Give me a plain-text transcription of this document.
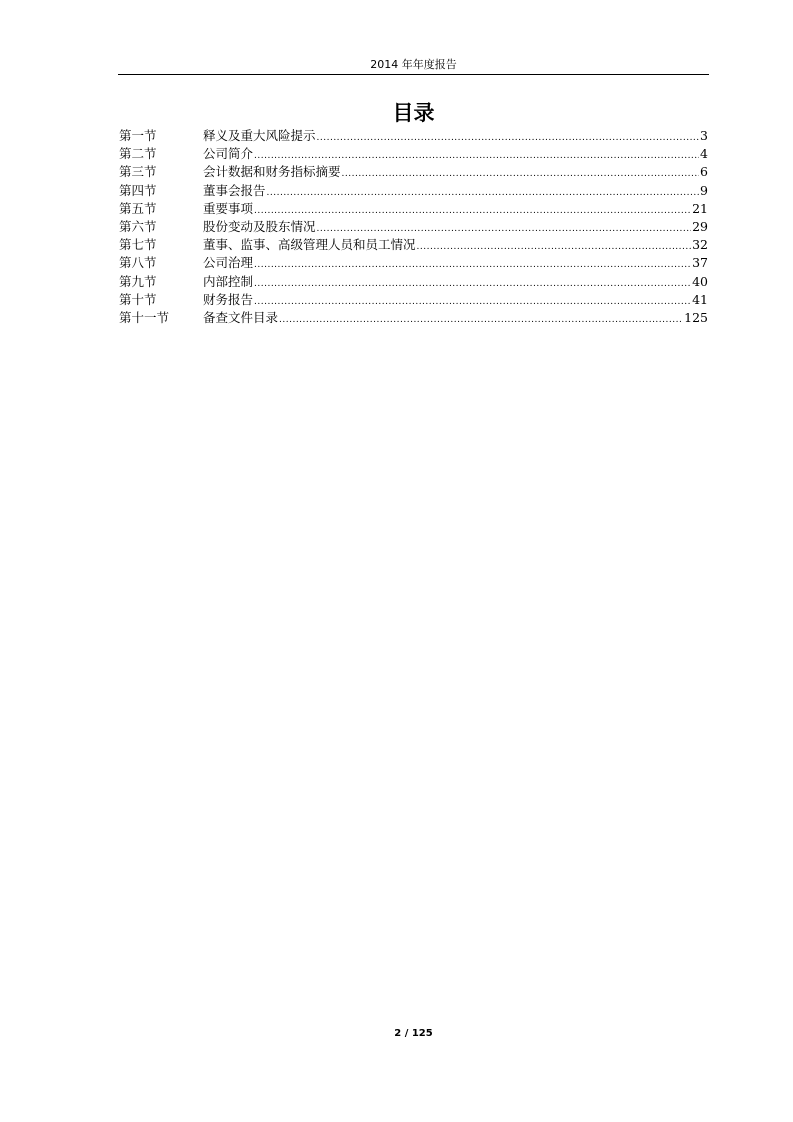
2014 年年度报告
目录
第一节	释义及重大风险提示 .....	3
第二节	公司简介 .....	4
第三节	会计数据和财务指标摘要 .....	6
第四节	董事会报告 .....	9
第五节	重要事项 .....	21
第六节	股份变动及股东情况 .....	29
第七节	董事、监事、高级管理人员和员工情况 .....	32
第八节	公司治理 .....	37
第九节	内部控制 .....	40
第十节	财务报告 .....	41
第十一节	备查文件目录 .....	125
2 / 125
